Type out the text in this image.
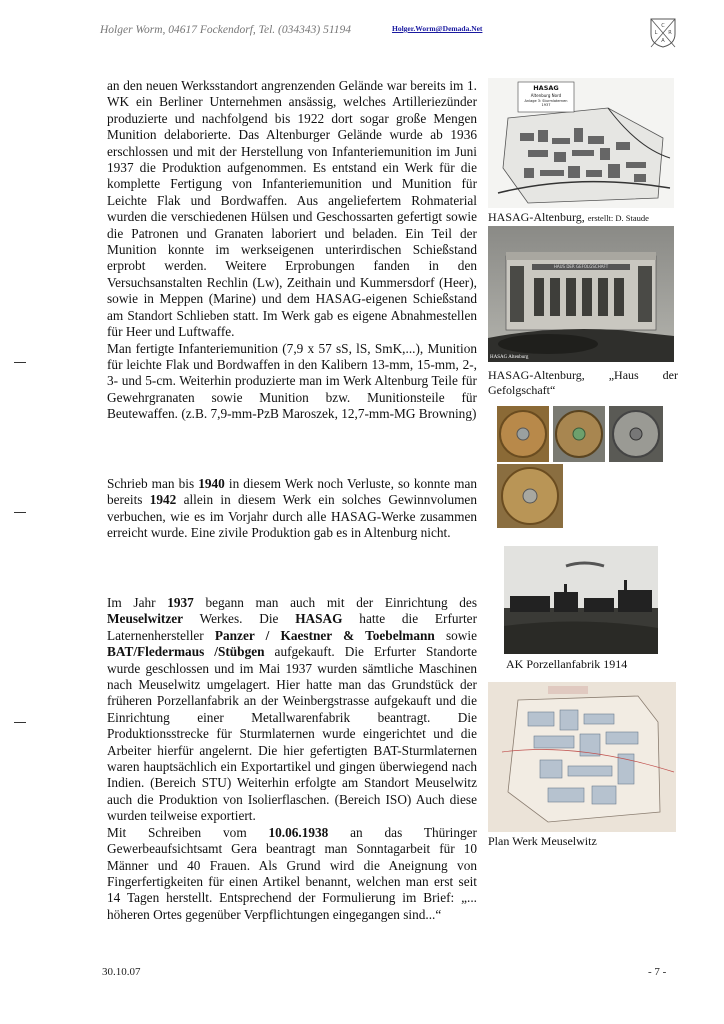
Holger Worm, 04617 Fockendorf, Tel. (034343) 51194	Holger.Worm@Demada.Net	C
L R
A

an den neuen Werksstandort angrenzenden Gelände war bereits im 1. WK ein Berliner Unternehmen ansässig, welches Artilleriezünder produzierte und nachfolgend bis 1922 dort sogar große Mengen Munition delaborierte. Das Altenburger Gelände wurde ab 1936 erschlossen und mit der Herstellung von Infanteriemunition im Juni 1937 die Produktion aufgenommen. Es entstand ein Werk für die komplette Fertigung von Infanteriemunition und Munition für Leichte Flak und Bordwaffen. Aus angeliefertem Rohmaterial wurden die verschiedenen Hülsen und Geschossarten gefertigt sowie die Patronen und Granaten laboriert und beladen. Ein Teil der Munition konnte im werkseigenen unterirdischen Schießstand erprobt werden. Weitere Erprobungen fanden in den Versuchsanstalten Rechlin (Lw), Zeithain und Kummersdorf (Heer), sowie in Meppen (Marine) und dem HASAG-eigenen Schießstand am Standort Schlieben statt. Im Werk gab es eigene Abnahmestellen für Heer und Luftwaffe.

Man fertigte Infanteriemunition (7,9 x 57 sS, lS, SmK,...), Munition für leichte Flak und Bordwaffen in den Kalibern 13-mm, 15-mm, 2-, 3- und 5-cm. Weiterhin produzierte man im Werk Altenburg Teile für Gewehrgranaten sowie Munition bzw. Munitionsteile für Beutewaffen. (z.B. 7,9-mm-PzB Maroszek, 12,7-mm-MG Browning)

Schrieb man bis 1940 in diesem Werk noch Verluste, so konnte man bereits 1942 allein in diesem Werk ein solches Gewinnvolumen verbuchen, wie es im Vorjahr durch alle HASAG-Werke zusammen erreicht wurde. Eine zivile Produktion gab es in Altenburg nicht.

Im Jahr 1937 begann man auch mit der Einrichtung des Meuselwitzer Werkes. Die HASAG hatte die Erfurter Laternenhersteller Panzer / Kaestner & Toebelmann sowie BAT/Fledermaus /Stübgen aufgekauft. Die Erfurter Standorte wurde geschlossen und im Mai 1937 wurden sämtliche Maschinen nach Meuselwitz umgelagert. Hier hatte man das Grundstück der früheren Porzellanfabrik an der Weinbergstrasse aufgekauft und die Einrichtung einer Metallwarenfabrik beantragt. Die Produktionsstrecke für Sturmlaternen wurde eingerichtet und die Arbeiter hierfür angelernt. Die hier gefertigten BAT-Sturmlaternen waren hauptsächlich ein Exportartikel und gingen überwiegend nach Indien. (Bereich STU) Weiterhin erfolgte am Standort Meuselwitz auch die Produktion von Isolierflaschen. (Bereich ISO) Auch diese wurden teilweise exportiert.

Mit Schreiben vom 10.06.1938 an das Thüringer Gewerbeaufsichtsamt Gera beantragt man Sonntagarbeit für 10 Männer und 40 Frauen. Als Grund wird die Aneignung von Fingerfertigkeiten für einen Artikel benannt, welchen man erst seit 14 Tagen herstellt. Entsprechend der Formulierung im Brief: „... höheren Ortes gegenüber Verpflichtungen eingegangen sind...“

HASAG
Altenburg Nord
Anlage 3: Sturmlaternen 1937
HASAG-Altenburg, erstellt: D. Staude
HAUS DER GEFOLGSCHAFT
HASAG Altenburg
HASAG-Altenburg, „Haus der
Gefolgschaft“
AK Porzellanfabrik 1914
Plan Werk Meuselwitz
30.10.07	- 7 -
